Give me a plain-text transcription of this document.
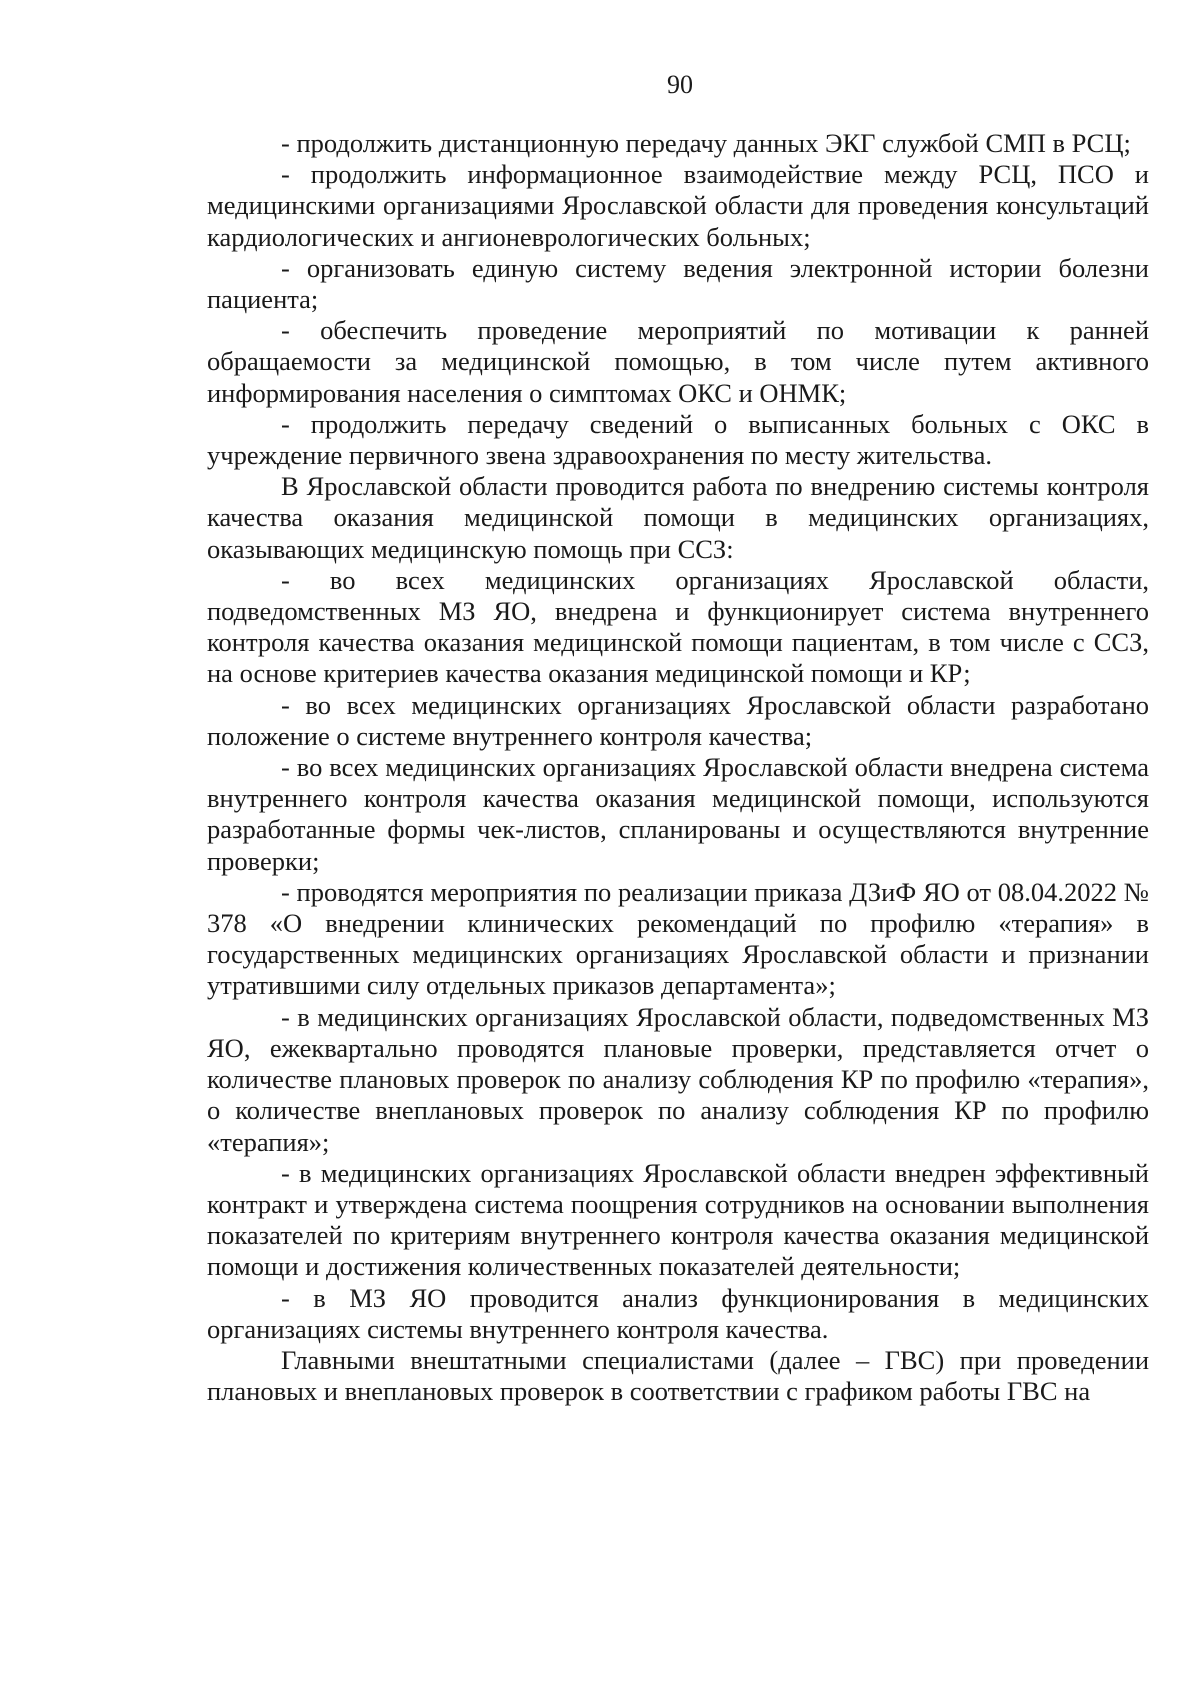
90

- продолжить дистанционную передачу данных ЭКГ службой СМП в РСЦ;

- продолжить информационное взаимодействие между РСЦ, ПСО и медицинскими организациями Ярославской области для проведения консультаций кардиологических и ангионеврологических больных;

- организовать единую систему ведения электронной истории болезни пациента;

- обеспечить проведение мероприятий по мотивации к ранней обращаемости за медицинской помощью, в том числе путем активного информирования населения о симптомах ОКС и ОНМК;

- продолжить передачу сведений о выписанных больных с ОКС в учреждение первичного звена здравоохранения по месту жительства.

В Ярославской области проводится работа по внедрению системы контроля качества оказания медицинской помощи в медицинских организациях, оказывающих медицинскую помощь при ССЗ:

- во всех медицинских организациях Ярославской области, подведомственных МЗ ЯО, внедрена и функционирует система внутреннего контроля качества оказания медицинской помощи пациентам, в том числе с ССЗ, на основе критериев качества оказания медицинской помощи и КР;

- во всех медицинских организациях Ярославской области разработано положение о системе внутреннего контроля качества;

- во всех медицинских организациях Ярославской области внедрена система внутреннего контроля качества оказания медицинской помощи, используются разработанные формы чек-листов, спланированы и осуществляются внутренние проверки;

- проводятся мероприятия по реализации приказа ДЗиФ ЯО от 08.04.2022 № 378 «О внедрении клинических рекомендаций по профилю «терапия» в государственных медицинских организациях Ярославской области и признании утратившими силу отдельных приказов департамента»;

- в медицинских организациях Ярославской области, подведомственных МЗ ЯО, ежеквартально проводятся плановые проверки, представляется отчет о количестве плановых проверок по анализу соблюдения КР по профилю «терапия», о количестве внеплановых проверок по анализу соблюдения КР по профилю «терапия»;

- в медицинских организациях Ярославской области внедрен эффективный контракт и утверждена система поощрения сотрудников на основании выполнения показателей по критериям внутреннего контроля качества оказания медицинской помощи и достижения количественных показателей деятельности;

- в МЗ ЯО проводится анализ функционирования в медицинских организациях системы внутреннего контроля качества.

Главными внештатными специалистами (далее – ГВС) при проведении плановых и внеплановых проверок в соответствии с графиком работы ГВС на
